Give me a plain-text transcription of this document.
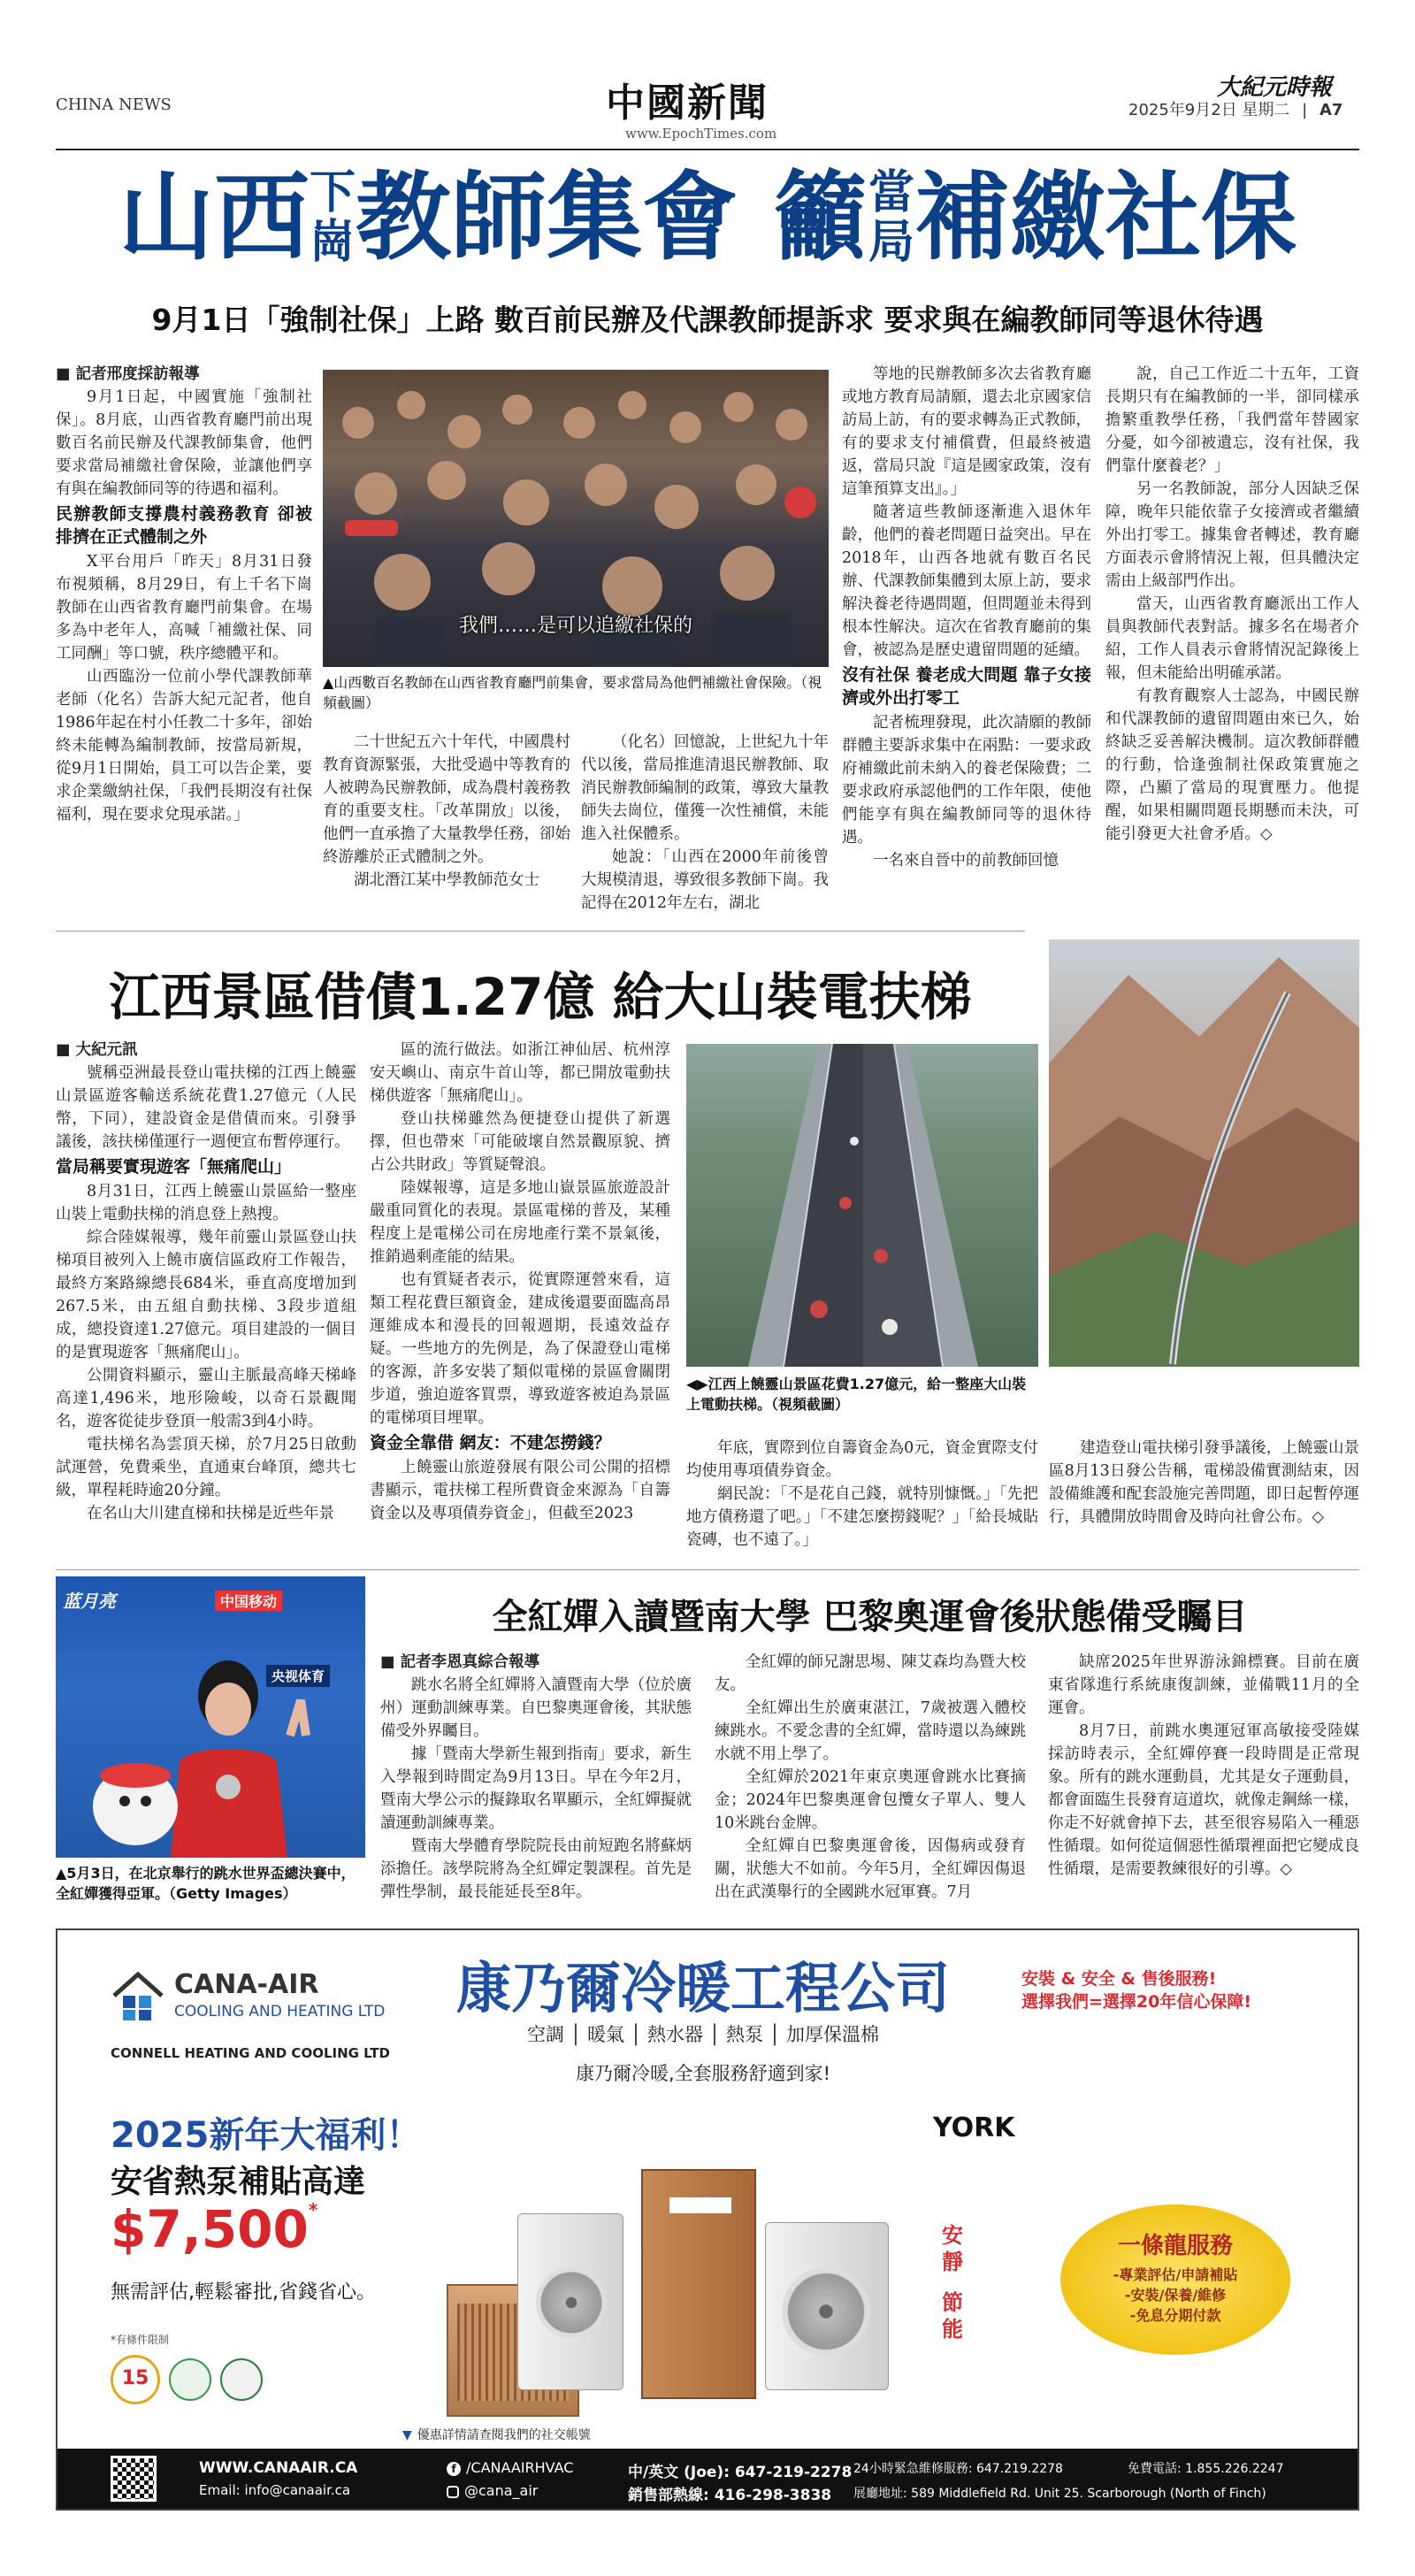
CHINA NEWS	中國新聞
www.EpochTimes.com
大紀元時報
2025年9月2日 星期二 | A7
山西 下
崗 教師集會 籲 當
局 補繳社保
9月1日「強制社保」上路 數百前民辦及代課教師提訴求 要求與在編教師同等退休待遇

■ 記者邢度採訪報導

9月1日起，中國實施「強制社保」。8月底，山西省教育廳門前出現數百名前民辦及代課教師集會，他們要求當局補繳社會保險，並讓他們享有與在編教師同等的待遇和福利。

民辦教師支撐農村義務教育 卻被排擠在正式體制之外

X平台用戶「昨天」8月31日發布視頻稱，8月29日，有上千名下崗教師在山西省教育廳門前集會。在場多為中老年人，高喊「補繳社保、同工同酬」等口號，秩序總體平和。

山西臨汾一位前小學代課教師華老師（化名）告訴大紀元記者，他自1986年起在村小任教二十多年，卻始終未能轉為編制教師，按當局新規，從9月1日開始，員工可以告企業，要求企業繳納社保，「我們長期沒有社保福利，現在要求兌現承諾。」

我們……是可以追繳社保的
▲山西數百名教師在山西省教育廳門前集會，要求當局為他們補繳社會保險。（視頻截圖）

二十世紀五六十年代，中國農村教育資源緊張，大批受過中等教育的人被聘為民辦教師，成為農村義務教育的重要支柱。「改革開放」以後，他們一直承擔了大量教學任務，卻始終游離於正式體制之外。

湖北潛江某中學教師范女士

（化名）回憶說，上世紀九十年代以後，當局推進清退民辦教師、取消民辦教師編制的政策，導致大量教師失去崗位，僅獲一次性補償，未能進入社保體系。

她說：「山西在2000年前後曾大規模清退，導致很多教師下崗。我記得在2012年左右，湖北

等地的民辦教師多次去省教育廳或地方教育局請願，還去北京國家信訪局上訪，有的要求轉為正式教師，有的要求支付補償費，但最終被遣返，當局只說『這是國家政策，沒有這筆預算支出』。」

隨著這些教師逐漸進入退休年齡，他們的養老問題日益突出。早在2018年，山西各地就有數百名民辦、代課教師集體到太原上訪，要求解決養老待遇問題，但問題並未得到根本性解決。這次在省教育廳前的集會，被認為是歷史遺留問題的延續。

沒有社保 養老成大問題 靠子女接濟或外出打零工

記者梳理發現，此次請願的教師群體主要訴求集中在兩點：一要求政府補繳此前未納入的養老保險費；二要求政府承認他們的工作年限，使他們能享有與在編教師同等的退休待遇。

一名來自晉中的前教師回憶

說，自己工作近二十五年，工資長期只有在編教師的一半，卻同樣承擔繁重教學任務，「我們當年替國家分憂，如今卻被遺忘，沒有社保，我們靠什麼養老？」

另一名教師說，部分人因缺乏保障，晚年只能依靠子女接濟或者繼續外出打零工。據集會者轉述，教育廳方面表示會將情況上報，但具體決定需由上級部門作出。

當天，山西省教育廳派出工作人員與教師代表對話。據多名在場者介紹，工作人員表示會將情況記錄後上報，但未能給出明確承諾。

有教育觀察人士認為，中國民辦和代課教師的遺留問題由來已久，始終缺乏妥善解決機制。這次教師群體的行動，恰逢強制社保政策實施之際，凸顯了當局的現實壓力。他提醒，如果相關問題長期懸而未決，可能引發更大社會矛盾。◇

江西景區借債1.27億 給大山裝電扶梯

■ 大紀元訊

號稱亞洲最長登山電扶梯的江西上饒靈山景區遊客輸送系統花費1.27億元（人民幣，下同），建設資金是借債而來。引發爭議後，該扶梯僅運行一週便宣布暫停運行。

當局稱要實現遊客「無痛爬山」

8月31日，江西上饒靈山景區給一整座山裝上電動扶梯的消息登上熱搜。

綜合陸媒報導，幾年前靈山景區登山扶梯項目被列入上饒市廣信區政府工作報告，最終方案路線總長684米，垂直高度增加到267.5米，由五組自動扶梯、3段步道組成，總投資達1.27億元。項目建設的一個目的是實現遊客「無痛爬山」。

公開資料顯示，靈山主脈最高峰天梯峰高達1,496米，地形險峻，以奇石景觀聞名，遊客從徒步登頂一般需3到4小時。

電扶梯名為雲頂天梯，於7月25日啟動試運營，免費乘坐，直通東台峰頂，總共七級，單程耗時逾20分鐘。

在名山大川建直梯和扶梯是近些年景

區的流行做法。如浙江神仙居、杭州淳安天嶼山、南京牛首山等，都已開放電動扶梯供遊客「無痛爬山」。

登山扶梯雖然為便捷登山提供了新選擇，但也帶來「可能破壞自然景觀原貌、擠占公共財政」等質疑聲浪。

陸媒報導，這是多地山嶽景區旅遊設計嚴重同質化的表現。景區電梯的普及，某種程度上是電梯公司在房地產行業不景氣後，推銷過剩產能的結果。

也有質疑者表示，從實際運營來看，這類工程花費巨額資金，建成後還要面臨高昂運維成本和漫長的回報週期，長遠效益存疑。一些地方的先例是，為了保證登山電梯的客源，許多安裝了類似電梯的景區會關閉步道，強迫遊客買票，導致遊客被迫為景區的電梯項目埋單。

資金全靠借 網友：不建怎撈錢？

上饒靈山旅遊發展有限公司公開的招標書顯示，電扶梯工程所費資金來源為「自籌資金以及專項債券資金」，但截至2023

◀▶江西上饒靈山景區花費1.27億元，給一整座大山裝上電動扶梯。（視頻截圖）

年底，實際到位自籌資金為0元，資金實際支付均使用專項債券資金。

網民說：「不是花自己錢，就特別慷慨。」「先把地方債務還了吧。」「不建怎麼撈錢呢？」「給長城貼瓷磚，也不遠了。」

建造登山電扶梯引發爭議後，上饒靈山景區8月13日發公告稱，電梯設備實測結束，因設備維護和配套設施完善問題，即日起暫停運行，具體開放時間會及時向社會公布。◇

蓝月亮	中国移动
央视体育
▲5月3日，在北京舉行的跳水世界盃總決賽中，全紅嬋獲得亞軍。（Getty Images）
全紅嬋入讀暨南大學 巴黎奧運會後狀態備受矚目

■ 記者李恩真綜合報導

跳水名將全紅嬋將入讀暨南大學（位於廣州）運動訓練專業。自巴黎奧運會後，其狀態備受外界矚目。

據「暨南大學新生報到指南」要求，新生入學報到時間定為9月13日。早在今年2月，暨南大學公示的擬錄取名單顯示，全紅嬋擬就讀運動訓練專業。

暨南大學體育學院院長由前短跑名將蘇炳添擔任。該學院將為全紅嬋定製課程。首先是彈性學制，最長能延長至8年。

全紅嬋的師兄謝思埸、陳艾森均為暨大校友。

全紅嬋出生於廣東湛江，7歲被選入體校練跳水。不愛念書的全紅嬋，當時還以為練跳水就不用上學了。

全紅嬋於2021年東京奧運會跳水比賽摘金；2024年巴黎奧運會包攬女子單人、雙人10米跳台金牌。

全紅嬋自巴黎奧運會後，因傷病或發育關，狀態大不如前。今年5月，全紅嬋因傷退出在武漢舉行的全國跳水冠軍賽。7月

缺席2025年世界游泳錦標賽。目前在廣東省隊進行系統康復訓練，並備戰11月的全運會。

8月7日，前跳水奧運冠軍高敏接受陸媒採訪時表示，全紅嬋停賽一段時間是正常現象。所有的跳水運動員，尤其是女子運動員，都會面臨生長發育這道坎，就像走鋼絲一樣，你走不好就會掉下去，甚至很容易陷入一種惡性循環。如何從這個惡性循環裡面把它變成良性循環，是需要教練很好的引導。◇

CANA-AIR
COOLING AND HEATING LTD
CONNELL HEATING AND COOLING LTD
康乃爾冷暖工程公司
空調 │ 暖氣 │ 熱水器 │ 熱泵 │ 加厚保溫棉
康乃爾冷暖,全套服務舒適到家!
安裝 & 安全 & 售後服務!
選擇我們=選擇20年信心保障!
2025新年大福利！
安省熱泵補貼高達
$7,500*
無需評估,輕鬆審批,省錢省心。
*有條件限制
15
YORK
安
靜
節
能
一條龍服務
-專業評估/申請補貼
-安裝/保養/維修
-免息分期付款
▼ 優惠詳情請查閱我們的社交帳號
WWW.CANAAIR.CA
Email: info@canaair.ca
f /CANAAIRHVAC
@cana_air
中/英文 (Joe): 647-219-2278
銷售部熱線: 416-298-3838
24小時緊急維修服務: 647.219.2278	免費電話: 1.855.226.2247
展廳地址: 589 Middlefield Rd. Unit 25. Scarborough (North of Finch)
